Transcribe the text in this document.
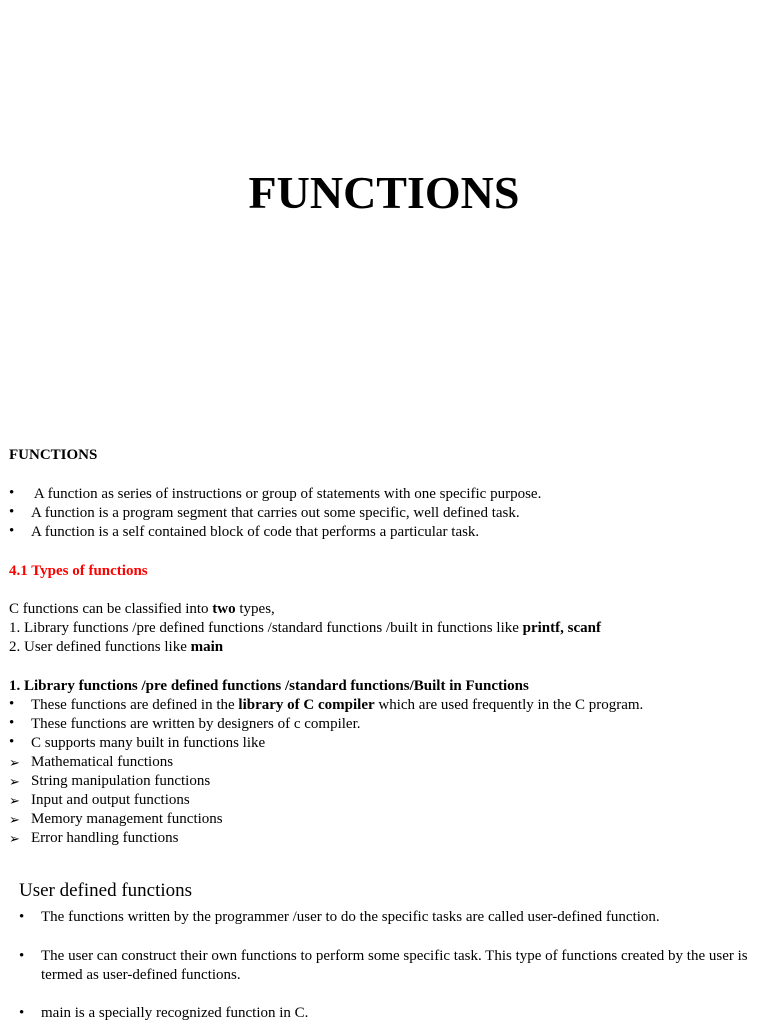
FUNCTIONS
FUNCTIONS
• A function as series of instructions or group of statements with one specific purpose.
• A function is a program segment that carries out some specific, well defined task.
• A function is a self contained block of code that performs a particular task.
4.1 Types of functions
C functions can be classified into two types,
1. Library functions /pre defined functions /standard functions /built in functions like printf, scanf
2. User defined functions like main
1. Library functions /pre defined functions /standard functions/Built in Functions
• These functions are defined in the library of C compiler which are used frequently in the C program.
• These functions are written by designers of c compiler.
• C supports many built in functions like
➢ Mathematical functions
➢ String manipulation functions
➢ Input and output functions
➢ Memory management functions
➢ Error handling functions
User defined functions
• The functions written by the programmer /user to do the specific tasks are called user-defined function.
• The user can construct their own functions to perform some specific task. This type of functions created by the user is termed as user-defined functions.
• main is a specially recognized function in C.
